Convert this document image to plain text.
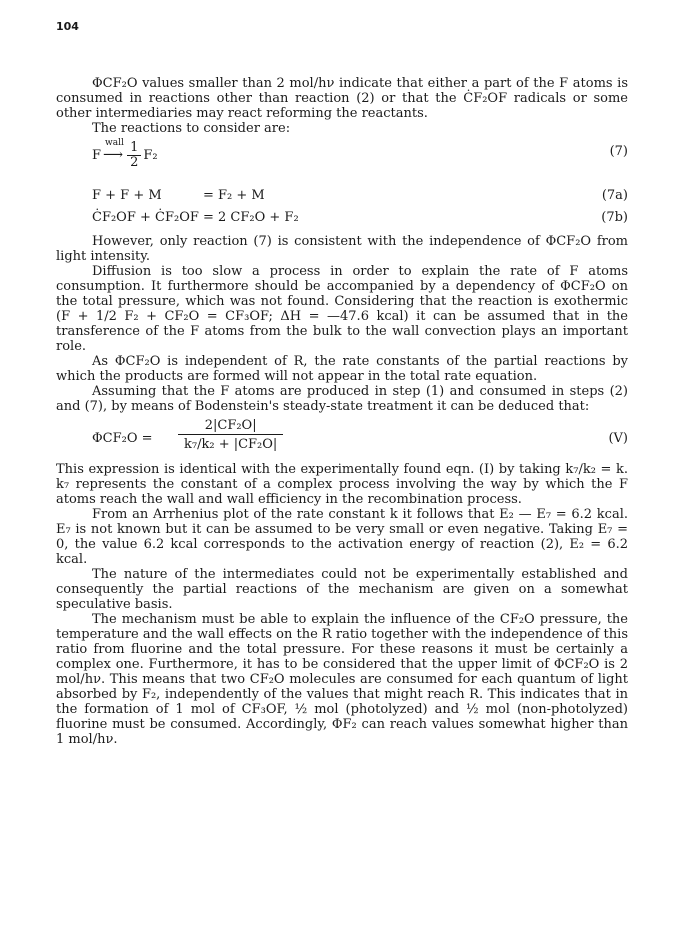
104

ΦCF₂O values smaller than 2 mol/hν indicate that either a part of the F atoms is consumed in reactions other than reaction (2) or that the ĊF₂OF radicals or some other intermediaries may react reforming the reactants.

The reactions to consider are:

F
wall
⟶ $\frac{1}{2} F_2$	(7)
F + F + M          = F₂ + M	(7a)
ĊF₂OF + ĊF₂OF = 2 CF₂O + F₂	(7b)

However, only reaction (7) is consistent with the independence of ΦCF₂O from light intensity.

Diffusion is too slow a process in order to explain the rate of F atoms consumption. It furthermore should be accompanied by a dependency of ΦCF₂O on the total pressure, which was not found. Considering that the reaction is exothermic (F + 1/2 F₂ + CF₂O = CF₃OF; ΔH = —47.6 kcal) it can be assumed that in the transference of the F atoms from the bulk to the wall convection plays an important role.

As ΦCF₂O is independent of R, the rate constants of the partial reactions by which the products are formed will not appear in the total rate equation.

Assuming that the F atoms are produced in step (1) and consumed in steps (2) and (7), by means of Bodenstein's steady-state treatment it can be deduced that:

$\Phi CF_2O = \frac{\text{2|CF₂O|}}{\text{k₇/k₂ + |CF₂O|}}$	(V)

This expression is identical with the experimentally found eqn. (I) by taking k₇/k₂ = k. k₇ represents the constant of a complex process involving the way by which the F atoms reach the wall and wall efficiency in the recombination process.

From an Arrhenius plot of the rate constant k it follows that E₂ — E₇ = 6.2 kcal. E₇ is not known but it can be assumed to be very small or even negative. Taking E₇ = 0, the value 6.2 kcal corresponds to the activation energy of reaction (2), E₂ = 6.2 kcal.

The nature of the intermediates could not be experimentally established and consequently the partial reactions of the mechanism are given on a somewhat speculative basis.

The mechanism must be able to explain the influence of the CF₂O pressure, the temperature and the wall effects on the R ratio together with the independence of this ratio from fluorine and the total pressure. For these reasons it must be certainly a complex one. Furthermore, it has to be considered that the upper limit of ΦCF₂O is 2 mol/hν. This means that two CF₂O molecules are consumed for each quantum of light absorbed by F₂, independently of the values that might reach R. This indicates that in the formation of 1 mol of CF₃OF, ½ mol (photolyzed) and ½ mol (non-photolyzed) fluorine must be consumed. Accordingly, ΦF₂ can reach values somewhat higher than 1 mol/hν.
